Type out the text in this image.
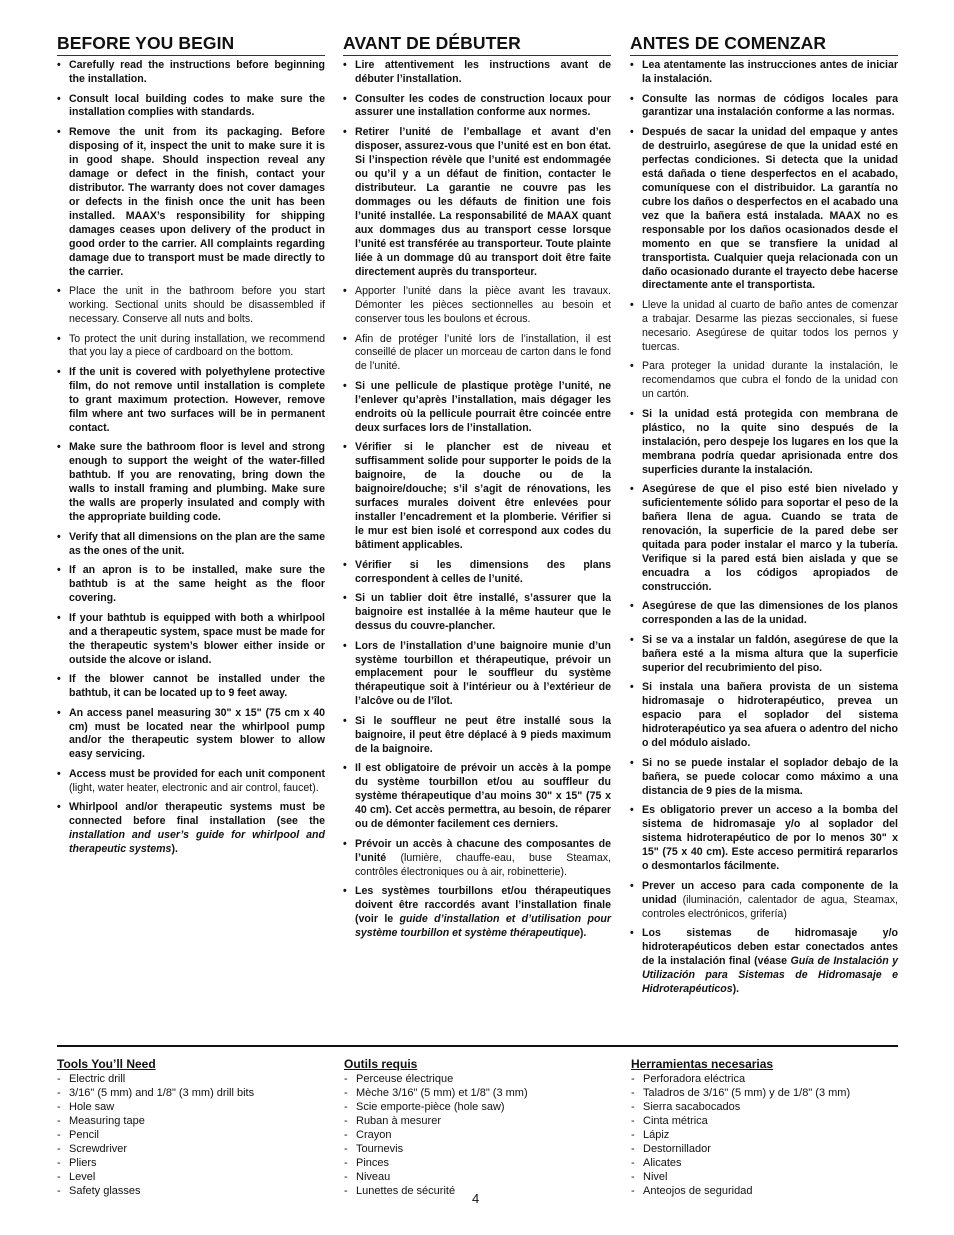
BEFORE YOU BEGIN
• Carefully read the instructions before beginning the installation.
• Consult local building codes to make sure the installation complies with standards.
• Remove the unit from its packaging. Before disposing of it, inspect the unit to make sure it is in good shape. Should inspection reveal any damage or defect in the finish, contact your distributor. The warranty does not cover damages or defects in the finish once the unit has been installed. MAAX’s responsibility for shipping damages ceases upon delivery of the product in good order to the carrier. All complaints regarding damage due to transport must be made directly to the carrier.
• Place the unit in the bathroom before you start working. Sectional units should be disassembled if necessary. Conserve all nuts and bolts.
• To protect the unit during installation, we recommend that you lay a piece of cardboard on the bottom.
• If the unit is covered with polyethylene protective film, do not remove until installation is complete to grant maximum protection. However, remove film where ant two surfaces will be in permanent contact.
• Make sure the bathroom floor is level and strong enough to support the weight of the water-filled bathtub. If you are renovating, bring down the walls to install framing and plumbing. Make sure the walls are properly insulated and comply with the appropriate building code.
• Verify that all dimensions on the plan are the same as the ones of the unit.
• If an apron is to be installed, make sure the bathtub is at the same height as the floor covering.
• If your bathtub is equipped with both a whirlpool and a therapeutic system, space must be made for the therapeutic system’s blower either inside or outside the alcove or island.
• If the blower cannot be installed under the bathtub, it can be located up to 9 feet away.
• An access panel measuring 30" x 15" (75 cm x 40 cm) must be located near the whirlpool pump and/or the therapeutic system blower to allow easy servicing.
• Access must be provided for each unit component (light, water heater, electronic and air control, faucet).
• Whirlpool and/or therapeutic systems must be connected before final installation (see the installation and user’s guide for whirlpool and therapeutic systems).
AVANT DE DÉBUTER
• Lire attentivement les instructions avant de débuter l’installation.
• Consulter les codes de construction locaux pour assurer une installation conforme aux normes.
• Retirer l’unité de l’emballage et avant d’en disposer, assurez-vous que l’unité est en bon état. Si l’inspection révèle que l’unité est endommagée ou qu’il y a un défaut de finition, contacter le distributeur. La garantie ne couvre pas les dommages ou les défauts de finition une fois l’unité installée. La responsabilité de MAAX quant aux dommages dus au transport cesse lorsque l’unité est transférée au transporteur. Toute plainte liée à un dommage dû au transport doit être faite directement auprès du transporteur.
• Apporter l’unité dans la pièce avant les travaux. Démonter les pièces sectionnelles au besoin et conserver tous les boulons et écrous.
• Afin de protéger l’unité lors de l’installation, il est conseillé de placer un morceau de carton dans le fond de l’unité.
• Si une pellicule de plastique protège l’unité, ne l’enlever qu’après l’installation, mais dégager les endroits où la pellicule pourrait être coincée entre deux surfaces lors de l’installation.
• Vérifier si le plancher est de niveau et suffisamment solide pour supporter le poids de la baignoire, de la douche ou de la baignoire/douche; s’il s’agit de rénovations, les surfaces murales doivent être enlevées pour installer l’encadrement et la plomberie. Vérifier si le mur est bien isolé et correspond aux codes du bâtiment applicables.
• Vérifier si les dimensions des plans correspondent à celles de l’unité.
• Si un tablier doit être installé, s’assurer que la baignoire est installée à la même hauteur que le dessus du couvre-plancher.
• Lors de l’installation d’une baignoire munie d’un système tourbillon et thérapeutique, prévoir un emplacement pour le souffleur du système thérapeutique soit à l’intérieur ou à l’extérieur de l’alcôve ou de l’îlot.
• Si le souffleur ne peut être installé sous la baignoire, il peut être déplacé à 9 pieds maximum de la baignoire.
• Il est obligatoire de prévoir un accès à la pompe du système tourbillon et/ou au souffleur du système thérapeutique d’au moins 30" x 15" (75 x 40 cm). Cet accès permettra, au besoin, de réparer ou de démonter facilement ces derniers.
• Prévoir un accès à chacune des composantes de l’unité (lumière, chauffe-eau, buse Steamax, contrôles électroniques ou à air, robinetterie).
• Les systèmes tourbillons et/ou thérapeutiques doivent être raccordés avant l’installation finale (voir le guide d’installation et d’utilisation pour système tourbillon et système thérapeutique).
ANTES DE COMENZAR
• Lea atentamente las instrucciones antes de iniciar la instalación.
• Consulte las normas de códigos locales para garantizar una instalación conforme a las normas.
• Después de sacar la unidad del empaque y antes de destruirlo, asegúrese de que la unidad esté en perfectas condiciones. Si detecta que la unidad está dañada o tiene desperfectos en el acabado, comuníquese con el distribuidor. La garantía no cubre los daños o desperfectos en el acabado una vez que la bañera está instalada. MAAX no es responsable por los daños ocasionados desde el momento en que se transfiere la unidad al transportista. Cualquier queja relacionada con un daño ocasionado durante el trayecto debe hacerse directamente ante el transportista.
• Lleve la unidad al cuarto de baño antes de comenzar a trabajar. Desarme las piezas seccionales, si fuese necesario. Asegúrese de quitar todos los pernos y tuercas.
• Para proteger la unidad durante la instalación, le recomendamos que cubra el fondo de la unidad con un cartón.
• Si la unidad está protegida con membrana de plástico, no la quite sino después de la instalación, pero despeje los lugares en los que la membrana podría quedar aprisionada entre dos superficies durante la instalación.
• Asegúrese de que el piso esté bien nivelado y suficientemente sólido para soportar el peso de la bañera llena de agua. Cuando se trata de renovación, la superficie de la pared debe ser quitada para poder instalar el marco y la tubería. Verifique si la pared está bien aislada y que se encuadra a los códigos apropiados de construcción.
• Asegúrese de que las dimensiones de los planos corresponden a las de la unidad.
• Si se va a instalar un faldón, asegúrese de que la bañera esté a la misma altura que la superficie superior del recubrimiento del piso.
• Si instala una bañera provista de un sistema hidromasaje o hidroterapéutico, prevea un espacio para el soplador del sistema hidroterapéutico ya sea afuera o adentro del nicho o del módulo aislado.
• Si no se puede instalar el soplador debajo de la bañera, se puede colocar como máximo a una distancia de 9 pies de la misma.
• Es obligatorio prever un acceso a la bomba del sistema de hidromasaje y/o al soplador del sistema hidroterapéutico de por lo menos 30" x 15" (75 x 40 cm). Este acceso permitirá repararlos o desmontarlos fácilmente.
• Prever un acceso para cada componente de la unidad (iluminación, calentador de agua, Steamax, controles electrónicos, grifería)
• Los sistemas de hidromasaje y/o hidroterapéuticos deben estar conectados antes de la instalación final (véase Guía de Instalación y Utilización para Sistemas de Hidromasaje e Hidroterapéuticos).
Tools You’ll Need
- Electric drill
- 3/16" (5 mm) and 1/8" (3 mm) drill bits
- Hole saw
- Measuring tape
- Pencil
- Screwdriver
- Pliers
- Level
- Safety glasses
Outils requis
- Perceuse électrique
- Mèche 3/16" (5 mm) et 1/8" (3 mm)
- Scie emporte-pièce (hole saw)
- Ruban à mesurer
- Crayon
- Tournevis
- Pinces
- Niveau
- Lunettes de sécurité
Herramientas necesarias
- Perforadora eléctrica
- Taladros de 3/16" (5 mm) y de 1/8" (3 mm)
- Sierra sacabocados
- Cinta métrica
- Lápiz
- Destornillador
- Alicates
- Nivel
- Anteojos de seguridad
4
